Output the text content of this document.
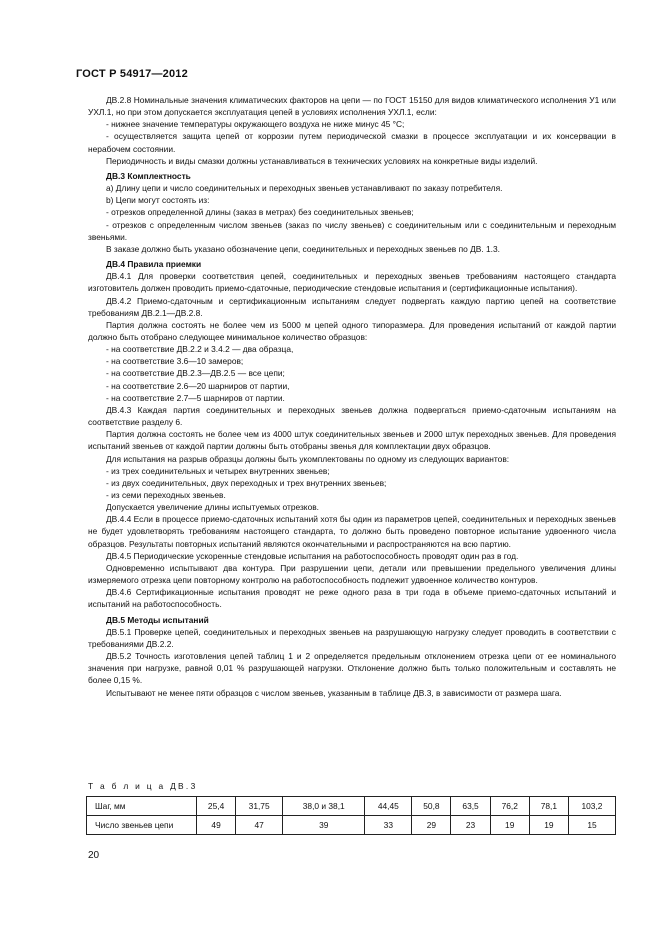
ГОСТ Р 54917—2012

ДВ.2.8 Номинальные значения климатических факторов на цепи — по ГОСТ 15150 для видов климатического исполнения У1 или УХЛ.1, но при этом допускается эксплуатация цепей в условиях исполнения УХЛ.1, если:

- нижнее значение температуры окружающего воздуха не ниже минус 45 °С;

- осуществляется защита цепей от коррозии путем периодической смазки в процессе эксплуатации и их консервации в нерабочем состоянии.

Периодичность и виды смазки должны устанавливаться в технических условиях на конкретные виды изделий.

ДВ.3 Комплектность

а) Длину цепи и число соединительных и переходных звеньев устанавливают по заказу потребителя.

b) Цепи могут состоять из:

- отрезков определенной длины (заказ в метрах) без соединительных звеньев;

- отрезков с определенным числом звеньев (заказ по числу звеньев) с соединительным или с соединительным и переходным звеньями.

В заказе должно быть указано обозначение цепи, соединительных и переходных звеньев по ДВ. 1.3.

ДВ.4 Правила приемки

ДВ.4.1 Для проверки соответствия цепей, соединительных и переходных звеньев требованиям настоящего стандарта изготовитель должен проводить приемо-сдаточные, периодические стендовые испытания и (сертификационные испытания).

ДВ.4.2 Приемо-сдаточным и сертификационным испытаниям следует подвергать каждую партию цепей на соответствие требованиям ДВ.2.1—ДВ.2.8.

Партия должна состоять не более чем из 5000 м цепей одного типоразмера. Для проведения испытаний от каждой партии должно быть отобрано следующее минимальное количество образцов:

- на соответствие ДВ.2.2 и 3.4.2 — два образца,

- на соответствие 3.6—10 замеров;

- на соответствие ДВ.2.3—ДВ.2.5 — все цепи;

- на соответствие 2.6—20 шарниров от партии,

- на соответствие 2.7—5 шарниров от партии.

ДВ.4.3 Каждая партия соединительных и переходных звеньев должна подвергаться приемо-сдаточным испытаниям на соответствие разделу 6.

Партия должна состоять не более чем из 4000 штук соединительных звеньев и 2000 штук переходных звеньев. Для проведения испытаний звеньев от каждой партии должны быть отобраны звенья для комплектации двух образцов.

Для испытания на разрыв образцы должны быть укомплектованы по одному из следующих вариантов:

- из трех соединительных и четырех внутренних звеньев;

- из двух соединительных, двух переходных и трех внутренних звеньев;

- из семи переходных звеньев.

Допускается увеличение длины испытуемых отрезков.

ДВ.4.4 Если в процессе приемо-сдаточных испытаний хотя бы один из параметров цепей, соединительных и переходных звеньев не будет удовлетворять требованиям настоящего стандарта, то должно быть проведено повторное испытание удвоенного числа образцов. Результаты повторных испытаний являются окончательными и распространяются на всю партию.

ДВ.4.5 Периодические ускоренные стендовые испытания на работоспособность проводят один раз в год.

Одновременно испытывают два контура. При разрушении цепи, детали или превышении предельного увеличения длины измеряемого отрезка цепи повторному контролю на работоспособность подлежит удвоенное количество контуров.

ДВ.4.6 Сертификационные испытания проводят не реже одного раза в три года в объеме приемо-сдаточных испытаний и испытаний на работоспособность.

ДВ.5 Методы испытаний

ДВ.5.1 Проверке цепей, соединительных и переходных звеньев на разрушающую нагрузку следует проводить в соответствии с требованиями ДВ.2.2.

ДВ.5.2 Точность изготовления цепей таблиц 1 и 2 определяется предельным отклонением отрезка цепи от ее номинального значения при нагрузке, равной 0,01 % разрушающей нагрузки. Отклонение должно быть только положительным и составлять не более 0,15 %.

Испытывают не менее пяти образцов с числом звеньев, указанным в таблице ДВ.3, в зависимости от размера шага.

Т а б л и ц а ДВ.3
Шаг, мм	25,4	31,75	38,0 и 38,1	44,45	50,8	63,5	76,2	78,1	103,2
Число звеньев цепи	49	47	39	33	29	23	19	19	15
20
